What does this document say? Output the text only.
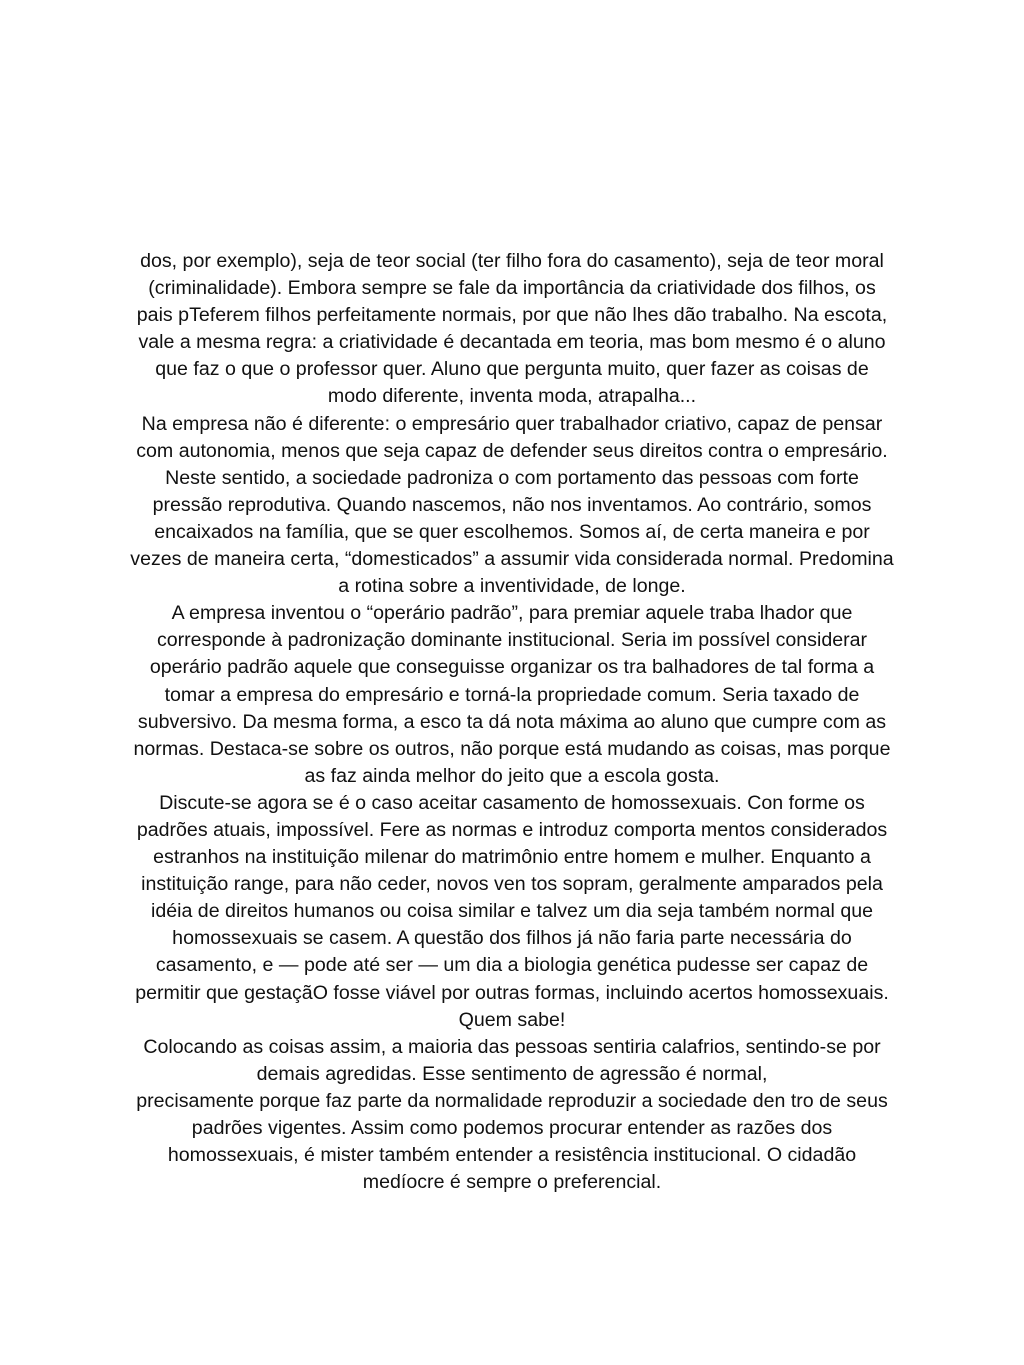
dos, por exemplo), seja de teor social (ter filho fora do casamento), seja de teor moral
(criminalidade). Embora sempre se fale da importância da criatividade dos filhos, os
pais pTeferem filhos perfeitamente normais, por que não lhes dão trabalho. Na escota,
vale a mesma regra: a criatividade é decantada em teoria, mas bom mesmo é o aluno
que faz o que o professor quer. Aluno que pergunta muito, quer fazer as coisas de
modo diferente, inventa moda, atrapalha...
Na empresa não é diferente: o empresário quer trabalhador criativo, capaz de pensar
com autonomia, menos que seja capaz de defender seus direitos contra o empresário.
Neste sentido, a sociedade padroniza o com portamento das pessoas com forte
pressão reprodutiva. Quando nascemos, não nos inventamos. Ao contrário, somos
encaixados na família, que se quer escolhemos. Somos aí, de certa maneira e por
vezes de maneira certa, “domesticados” a assumir vida considerada normal. Predomina
a rotina sobre a inventividade, de longe.
A empresa inventou o “operário padrão”, para premiar aquele traba lhador que
corresponde à padronização dominante institucional. Seria im possível considerar
operário padrão aquele que conseguisse organizar os tra balhadores de tal forma a
tomar a empresa do empresário e torná-la propriedade comum. Seria taxado de
subversivo. Da mesma forma, a esco ta dá nota máxima ao aluno que cumpre com as
normas. Destaca-se sobre os outros, não porque está mudando as coisas, mas porque
as faz ainda melhor do jeito que a escola gosta.
Discute-se agora se é o caso aceitar casamento de homossexuais. Con forme os
padrões atuais, impossível. Fere as normas e introduz comporta mentos considerados
estranhos na instituição milenar do matrimônio entre homem e mulher. Enquanto a
instituição range, para não ceder, novos ven tos sopram, geralmente amparados pela
idéia de direitos humanos ou coisa similar e talvez um dia seja também normal que
homossexuais se casem. A questão dos filhos já não faria parte necessária do
casamento, e — pode até ser — um dia a biologia genética pudesse ser capaz de
permitir que gestaçãO fosse viável por outras formas, incluindo acertos homossexuais.
Quem sabe!
Colocando as coisas assim, a maioria das pessoas sentiria calafrios, sentindo-se por
demais agredidas. Esse sentimento de agressão é normal,
precisamente porque faz parte da normalidade reproduzir a sociedade den tro de seus
padrões vigentes. Assim como podemos procurar entender as razões dos
homossexuais, é mister também entender a resistência institucional. O cidadão
medíocre é sempre o preferencial.
